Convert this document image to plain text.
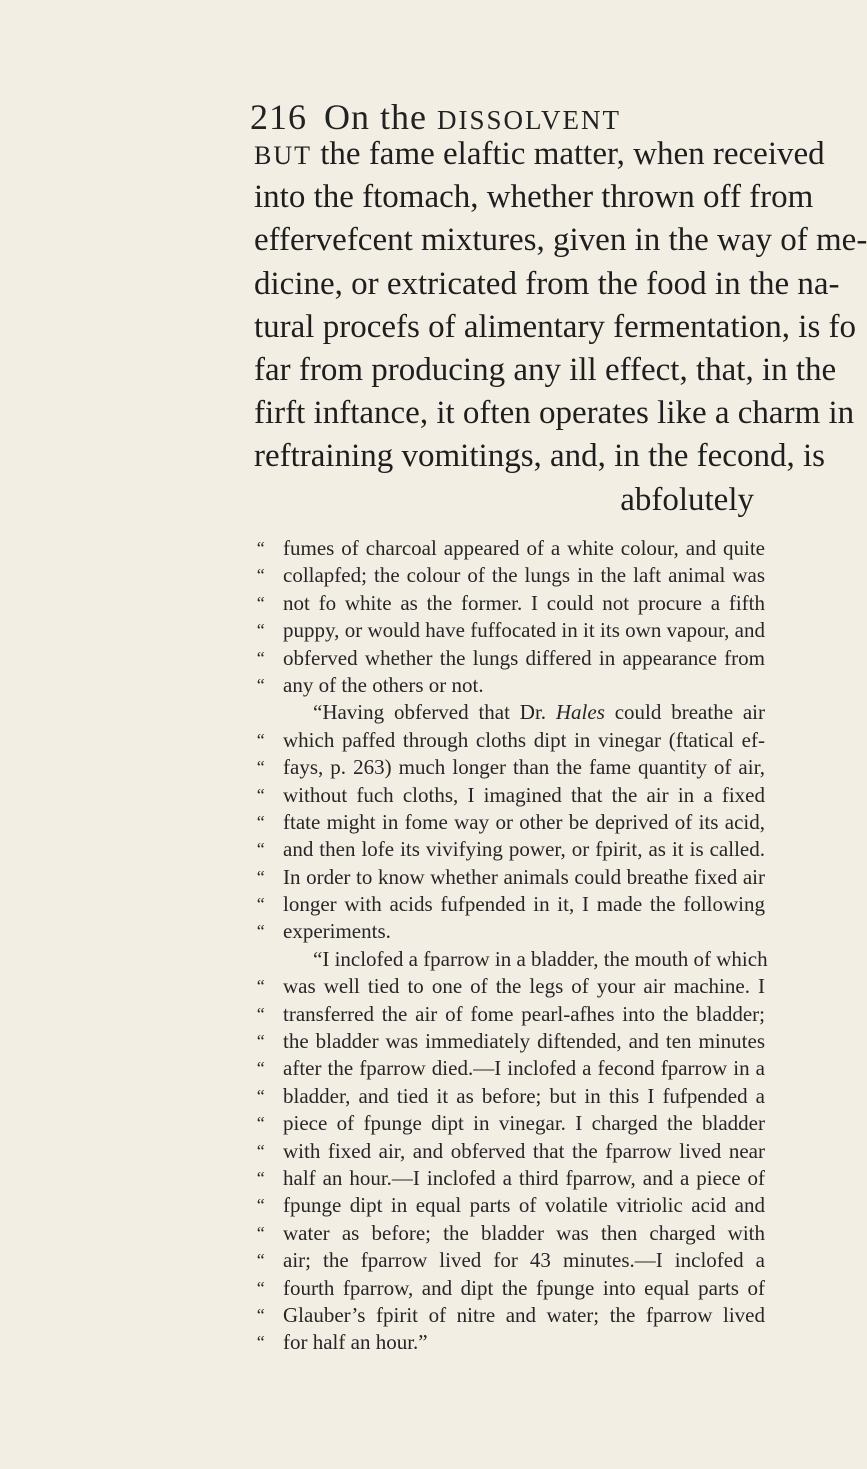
216 On the DISSOLVENT
BUT the fame elaftic matter, when received
into the ftomach, whether thrown off from
effervefcent mixtures, given in the way of me-
dicine, or extricated from the food in the na-
tural procefs of alimentary fermentation, is fo
far from producing any ill effect, that, in the
firft inftance, it often operates like a charm in
reftraining vomitings, and, in the fecond, is
abfolutely
“ fumes of charcoal appeared of a white colour, and quite
“ collapfed; the colour of the lungs in the laft animal was
“ not fo white as the former. I could not procure a fifth
“ puppy, or would have fuffocated in it its own vapour, and
“ obferved whether the lungs differed in appearance from
“ any of the others or not.
“Having obferved that Dr. Hales could breathe air
“ which paffed through cloths dipt in vinegar (ftatical ef-
“ fays, p. 263) much longer than the fame quantity of air,
“ without fuch cloths, I imagined that the air in a fixed
“ ftate might in fome way or other be deprived of its acid,
“ and then lofe its vivifying power, or fpirit, as it is called.
“ In order to know whether animals could breathe fixed air
“ longer with acids fufpended in it, I made the following
“ experiments.
“I inclofed a fparrow in a bladder, the mouth of which
“ was well tied to one of the legs of your air machine. I
“ transferred the air of fome pearl-afhes into the bladder;
“ the bladder was immediately diftended, and ten minutes
“ after the fparrow died.—I inclofed a fecond fparrow in a
“ bladder, and tied it as before; but in this I fufpended a
“ piece of fpunge dipt in vinegar. I charged the bladder
“ with fixed air, and obferved that the fparrow lived near
“ half an hour.—I inclofed a third fparrow, and a piece of
“ fpunge dipt in equal parts of volatile vitriolic acid and
“ water as before; the bladder was then charged with
“ air; the fparrow lived for 43 minutes.—I inclofed a
“ fourth fparrow, and dipt the fpunge into equal parts of
“ Glauber’s fpirit of nitre and water; the fparrow lived
“ for half an hour.”
